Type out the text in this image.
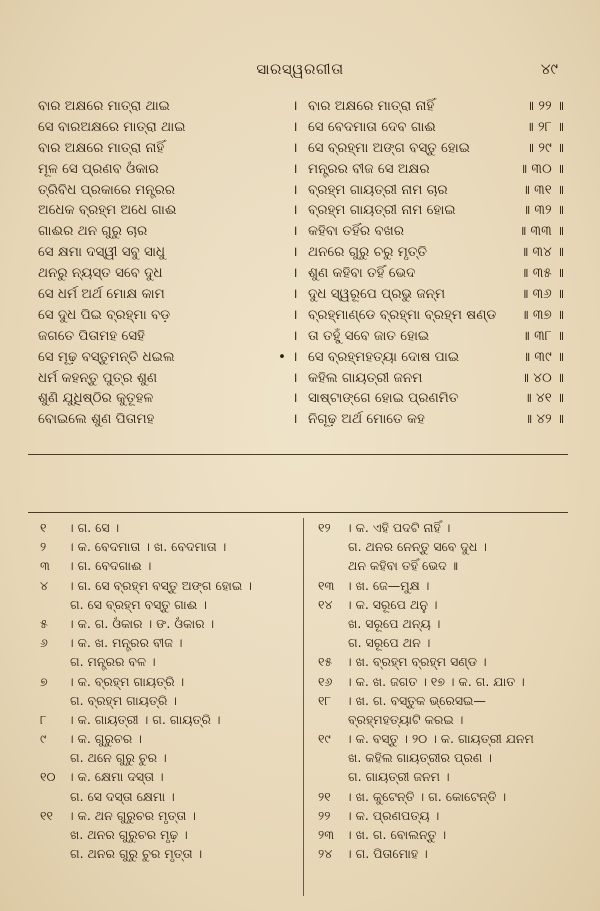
ସାରସ୍ୱରଗୀତା	୪୯
ବାର ଅକ୍ଷରେ ମାତ୍ରା ଥାଇ	। ବାର ଅକ୍ଷରେ ମାତ୍ରା ନାହିଁ	॥ ୨୨ ॥
ସେ ବାରଅକ୍ଷରେ ମାତ୍ରା ଥାଇ	। ସେ ବେଦମାତା ଦେବ ଗାଈ	॥ ୨୮ ॥
ବାର ଅକ୍ଷରେ ମାତ୍ରା ନାହିଁ	। ସେ ବ୍ରହ୍ମା ଅଙ୍ଗ ବସ୍ତୁ ହୋଇ	॥ ୨୯ ॥
ମୂଳ ସେ ପ୍ରଣବ ଓଁକାର	। ମନ୍ତ୍ରର ବୀଜ ସେ ଅକ୍ଷର	॥ ୩୦ ॥
ତ୍ରିବିଧ ପ୍ରକାରେ ମନ୍ତ୍ରର	। ବ୍ରହ୍ମ ଗାୟତ୍ରୀ ନାମ ଚାର	॥ ୩୧ ॥
ଅଧେକ ବ୍ରହ୍ମ ଅଧେ ଗାଈ	। ବ୍ରହ୍ମ ଗାୟତ୍ରୀ ନାମ ହୋଇ	॥ ୩୨ ॥
ଗାଈର ଥନ ଗୁରୁ ଚାର	। କହିବା ତହିଁର ବଖର	॥ ୩୩ ॥
ସେ କ୍ଷମା ଦସ୍ୱୀ ସବୁ ସାଧୁ	। ଥନରେ ଗୁରୁ ଚରୁ ମୃତ୍ତି	॥ ୩୪ ॥
ଥନରୁ ନ୍ୟସ୍ତ ସବେ ଦୁଧ	। ଶୁଣ କହିବା ତହିଁ ଭେଦ	॥ ୩୫ ॥
ସେ ଧର୍ମ ଅର୍ଥ ମୋକ୍ଷ କାମ	। ଦୁଧ ସ୍ୱରୂପେ ପ୍ରଭୁ ଜନ୍ମ	॥ ୩୬ ॥
ସେ ଦୁଧ ପିଇ ବ୍ରହ୍ମା ବଡ଼	। ବ୍ରହ୍ମାଣ୍ଡେ ବ୍ରହ୍ମା ବ୍ରହ୍ମ ଷଣ୍ଡ	॥ ୩୭ ॥
ଜଗତେ ପିତାମହ ସେହି	। ତା ତହୁଁ ସବେ ଜାତ ହୋଇ	॥ ୩୮ ॥
ସେ ମୂଢ଼ ବସ୍ତୁମନ୍ତି ଧଇଲ	• । ସେ ବ୍ରହ୍ମହତ୍ୟା ଦୋଷ ପାଇ	॥ ୩୯ ॥
ଧର୍ମ କହନ୍ତୁ ପୁତ୍ର ଶୁଣ	। କହିଲ ଗାୟତ୍ରୀ ଜନମ	॥ ୪୦ ॥
ଶୁଣି ଯୁଧିଷ୍ଠିର କୁତୂହଳ	। ସାଷ୍ଟାଙ୍ଗେ ହୋଇ ପ୍ରଣମିତ	॥ ୪୧ ॥
ବୋଇଲେ ଶୁଣ ପିତାମହ	। ନିଗୂଢ଼ ଅର୍ଥ ମୋତେ କହ	॥ ୪୨ ॥
୧ । ଗ. ସେ ।
୨ । କ. ବେଦମାତା । ଖ. ବେଦମାତା ।
୩ । ଗ. ବେଦଗାଈ ।
୪ । ଗ. ସେ ବ୍ରହ୍ମ ବସ୍ତୁ ଅଙ୍ଗ ହୋଇ ।
ଗ. ସେ ବ୍ରହ୍ମ ବସ୍ତୁ ଗାଈ ।
୫ । କ. ଗ. ଓଁକାର । ଙ. ଓଁକାର ।
୬ । କ. ଖ. ମନ୍ତ୍ରର ବୀଜ ।
ଗ. ମନ୍ତ୍ରର ବଳ ।
୭ । କ. ବ୍ରହ୍ମ ଗାୟତ୍ରି ।
ଗ. ବ୍ରହ୍ମ ଗାୟତ୍ରି ।
୮ । କ. ଗାୟତ୍ରୀ । ଗ. ଗାୟତ୍ରି ।
୯ । କ. ଗୁରୁଚର ।
ଗ. ଥନେ ଗୁରୁ ଚୁର ।
୧୦ । କ. କ୍ଷେମା ଦସ୍ତା ।
ଗ. ସେ ଦସ୍ତା କ୍ଷେମା ।
୧୧ । କ. ଥନ ଗୁରୁଚର ମୃତ୍ତା ।
ଖ. ଥନର ଗୁରୁଚର ମୃଢ଼ ।
ଗ. ଥନର ଗୁରୁ ଚୁର ମୃତ୍ତା ।
୧୨ । କ. ଏହି ପଦଟି ନାହିଁ ।
ଗ. ଥନର ନେନ୍ତୁ ସବେ ଦୁଧ ।
ଥନ କହିବା ତହିଁ ଭେଦ ॥
୧୩ । ଖ. ଜେ—ମୁକ୍ଷ ।
୧୪ । କ. ସରୂପେ ଥନୁ ।
ଖ. ସରୂପେ ଥନ୍ୟ ।
ଗ. ସରୂପେ ଥନ ।
୧୫ । ଖ. ବ୍ରହ୍ମ ବ୍ରହ୍ମ ସଣ୍ଡ ।
୧୬ । କ. ଖ. ଜଗତ । ୧୭ । କ. ଗ. ଯାତ ।
୧୮ । ଖ. ଗ. ବସ୍ତୁକ ଭ୍ରେସଇ—
ବ୍ରହ୍ମହତ୍ୟାଟି କରଇ ।
୧୯ । କ. ବସ୍ତୁ । ୨୦ । କ. ଗାୟତ୍ରୀ ଯନମ
ଖ. କହିଲ ଗାୟତ୍ରୀର ପ୍ରଣ ।
ଗ. ଗାୟତ୍ରୀ ଜନମ ।
୨୧ । ଖ. କୁଟେନ୍ତି । ଗ. କୋଟେନ୍ତି ।
୨୨ । କ. ପ୍ରଣପତ୍ୟ ।
୨୩ । ଖ. ଗ. ବୋଲନ୍ତୁ ।
୨୪ । ଗ. ପିତାମୋହ ।
